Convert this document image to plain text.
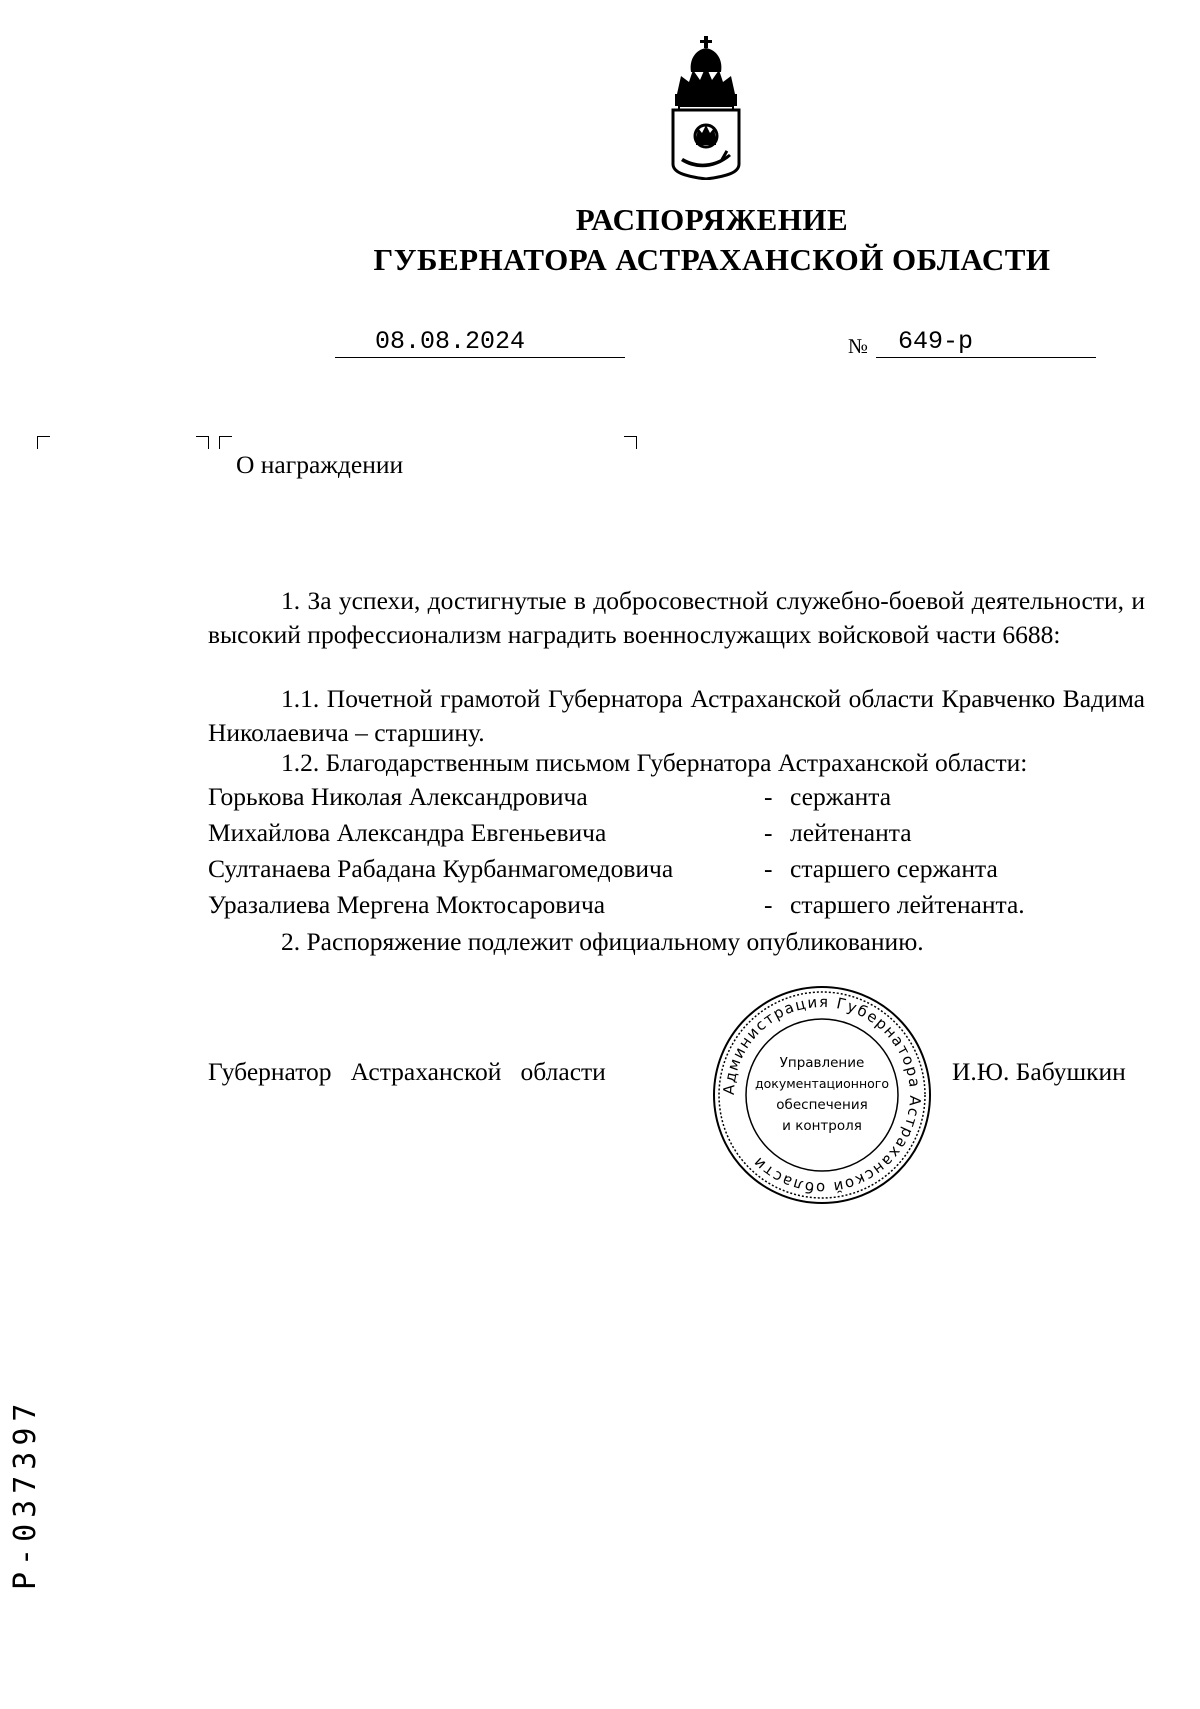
РАСПОРЯЖЕНИЕ
ГУБЕРНАТОРА АСТРАХАНСКОЙ ОБЛАСТИ
08.08.2024	№ 649-р
О награждении
1. За успехи, достигнутые в добросовестной служебно-боевой деятельности, и высокий профессионализм наградить военнослужащих войсковой части 6688:
1.1. Почетной грамотой Губернатора Астраханской области Кравченко Вадима Николаевича – старшину.
1.2. Благодарственным письмом Губернатора Астраханской области:
Горькова Николая Александровича	- сержанта
Михайлова Александра Евгеньевича	- лейтенанта
Султанаева Рабадана Курбанмагомедовича	- старшего сержанта
Уразалиева Мергена Моктосаровича	- старшего лейтенанта.
2. Распоряжение подлежит официальному опубликованию.
Губернатор   Астраханской   области	И.Ю. Бабушкин
Администрация Губернатора Астраханской области
Управление
документационного
обеспечения
и контроля
Р-037397
